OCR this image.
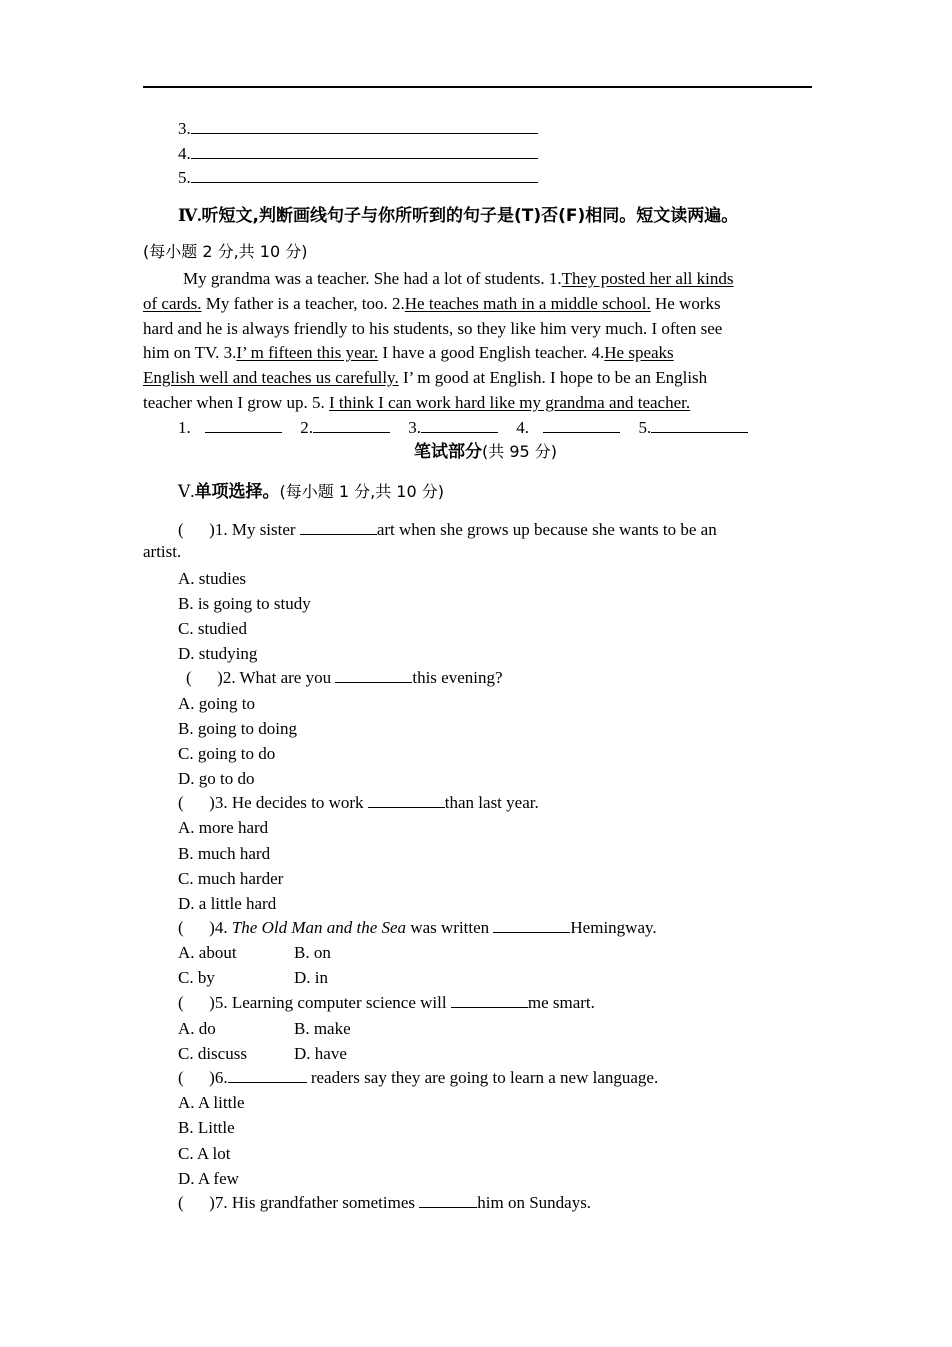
3.
4.
5.
Ⅳ.听短文,判断画线句子与你所听到的句子是(T)否(F)相同。短文读两遍。
(每小题 2 分,共 10 分)
My grandma was a teacher. She had a lot of students. 1.They posted her all kinds
of cards. My father is a teacher, too. 2.He teaches math in a middle school. He works
hard and he is always friendly to his students, so they like him very much. I often see
him on TV. 3.I’ m fifteen this year. I have a good English teacher. 4.He speaks
English well and teaches us carefully. I’ m good at English. I hope to be an English
teacher when I grow up. 5. I think I can work hard like my grandma and teacher.
1.	2.	3.	4.	5.
笔试部分(共 95 分)
Ⅴ.单项选择。(每小题 1 分,共 10 分)
(      )1. My sister	art when she grows up because she wants to be an
artist.
A. studies
B. is going to study
C. studied
D. studying
(      )2. What are you	this evening?
A. going to
B. going to doing
C. going to do
D. go to do
(      )3. He decides to work	than last year.
A. more hard
B. much hard
C. much harder
D. a little hard
(      )4. The Old Man and the Sea was written	Hemingway.
A. about	B. on
C. by	D. in
(      )5. Learning computer science will	me smart.
A. do	B. make
C. discuss	D. have
(      )6.	readers say they are going to learn a new language.
A. A little
B. Little
C. A lot
D. A few
(      )7. His grandfather sometimes	him on Sundays.
